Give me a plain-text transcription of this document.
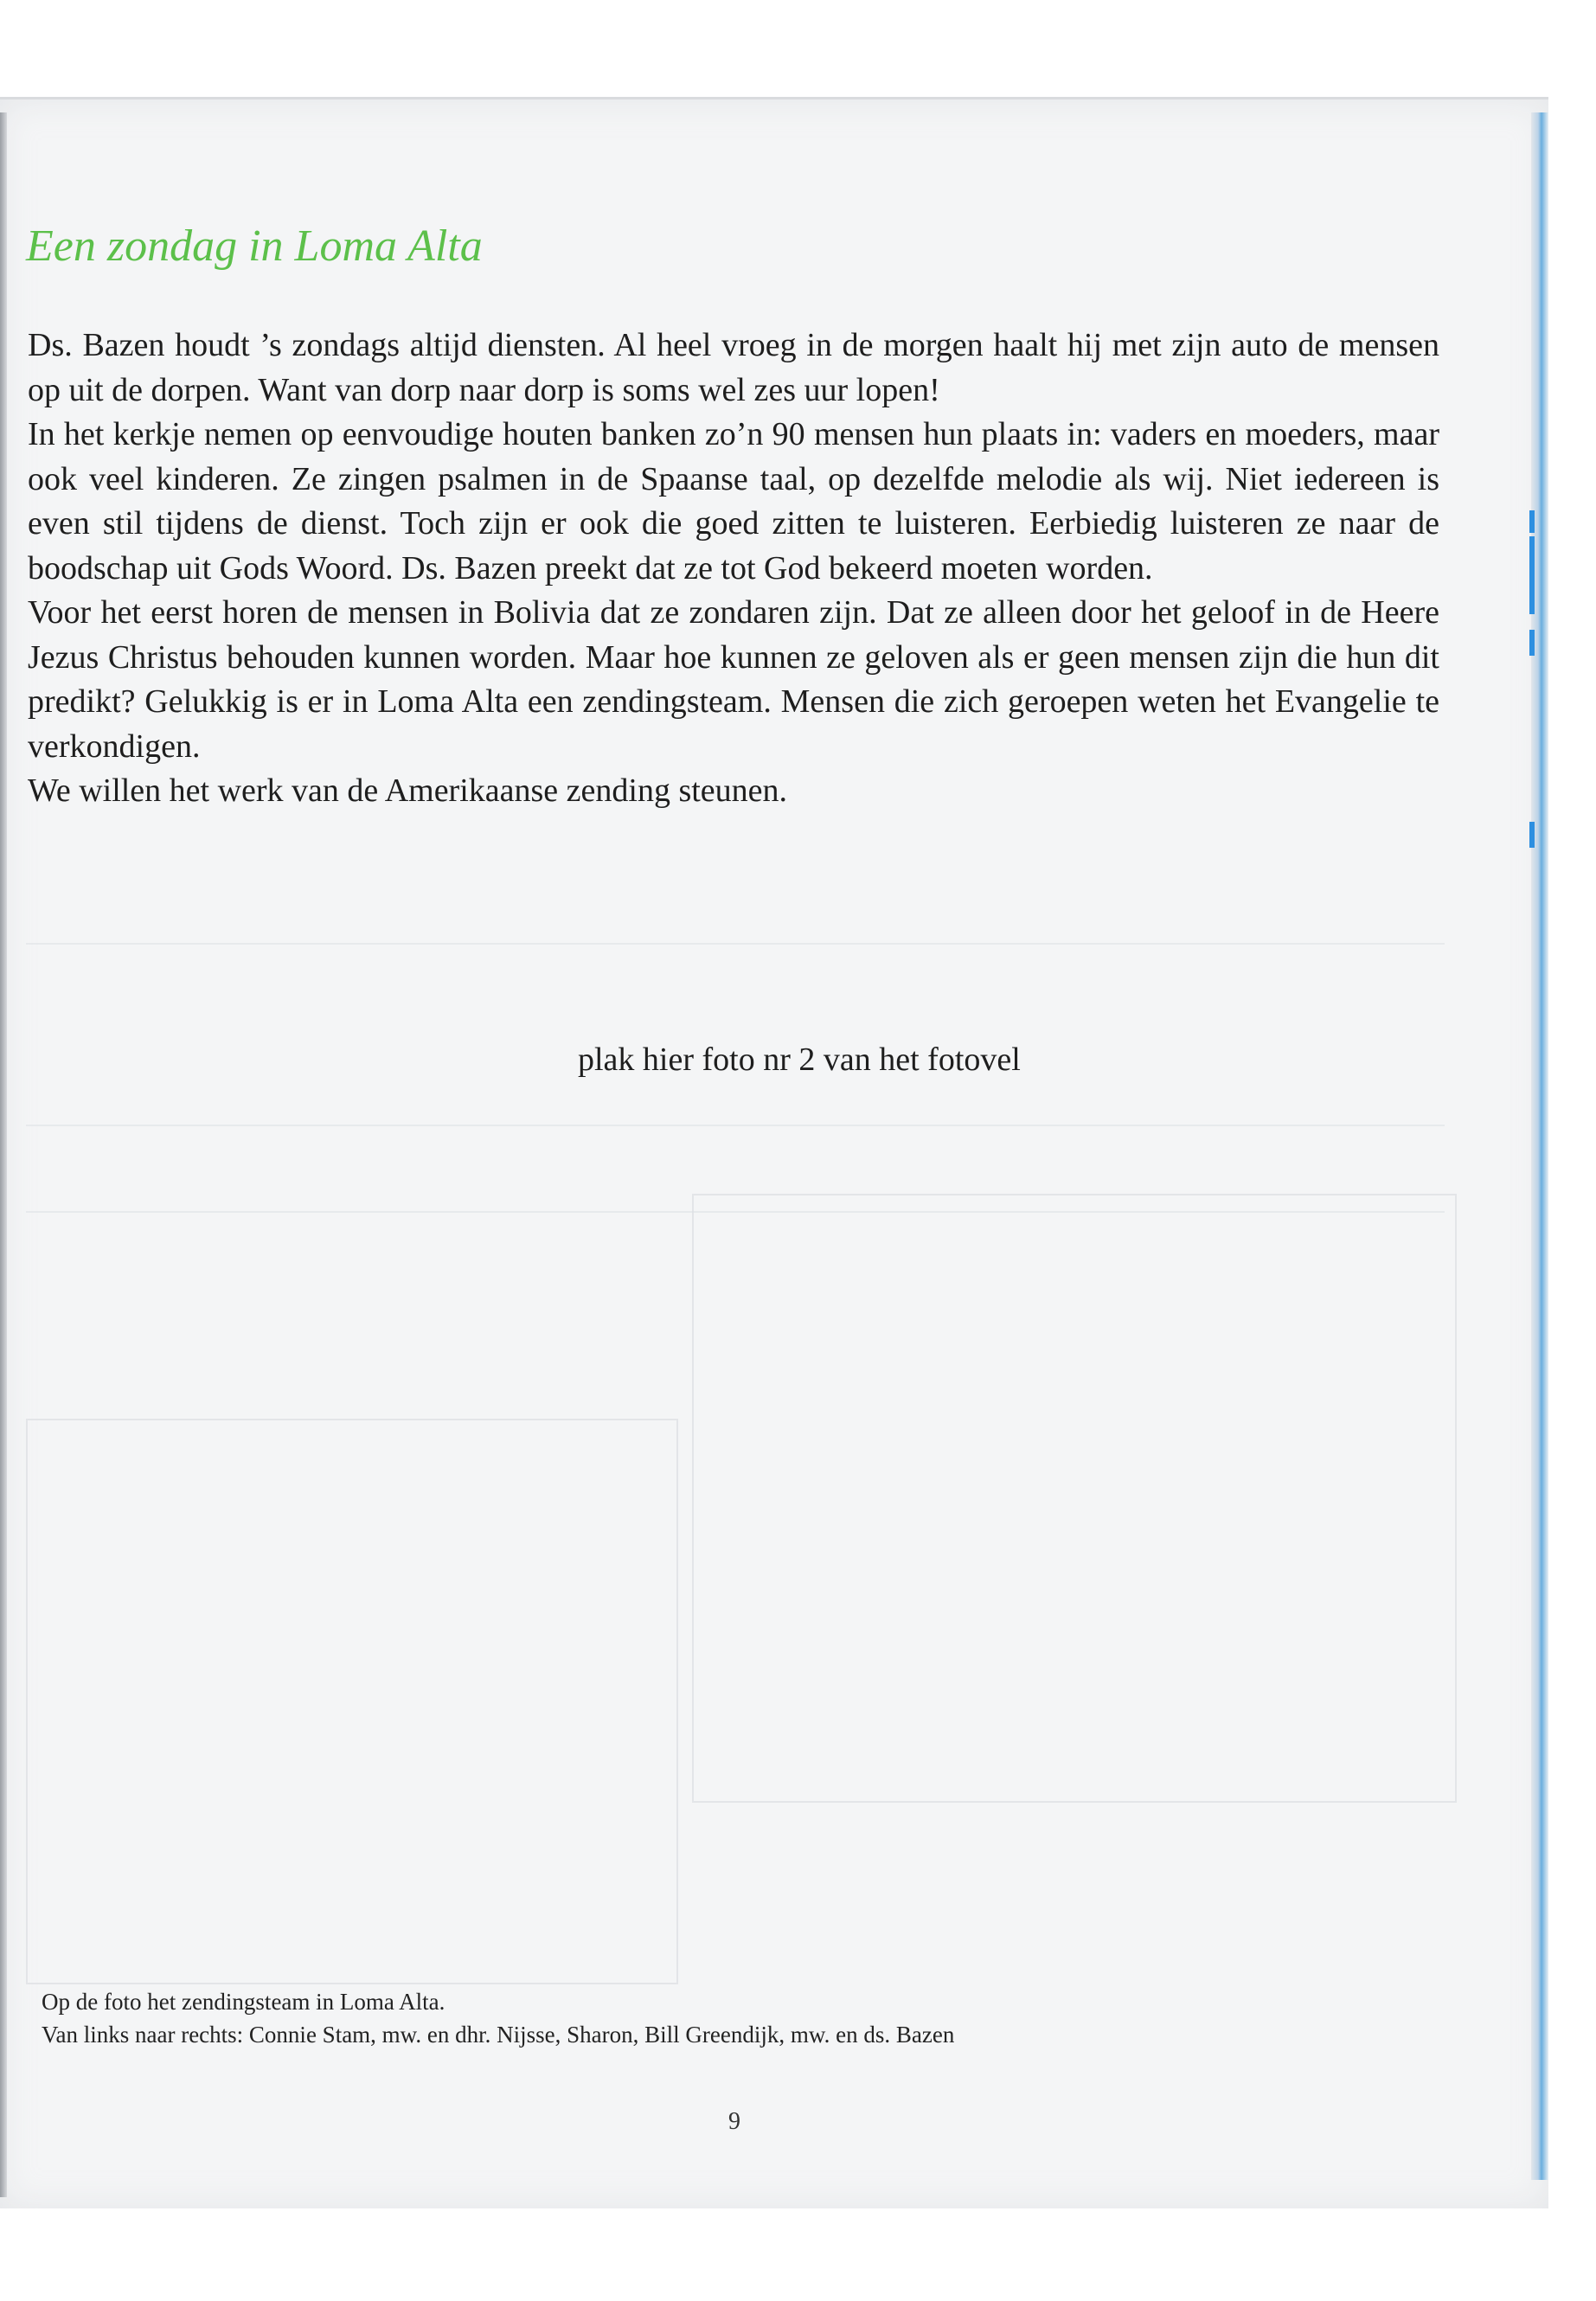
Een zondag in Loma Alta

Ds. Bazen houdt ’s zondags altijd diensten. Al heel vroeg in de morgen haalt hij met zijn auto de mensen op uit de dorpen. Want van dorp naar dorp is soms wel zes uur lopen!

In het kerkje nemen op eenvoudige houten banken zo’n 90 mensen hun plaats in: vaders en moeders, maar ook veel kinderen. Ze zingen psalmen in de Spaanse taal, op dezelfde melodie als wij. Niet iedereen is even stil tijdens de dienst. Toch zijn er ook die goed zitten te luisteren. Eerbiedig luisteren ze naar de boodschap uit Gods Woord. Ds. Bazen preekt dat ze tot God bekeerd moeten worden.

Voor het eerst horen de mensen in Bolivia dat ze zondaren zijn. Dat ze alleen door het geloof in de Heere Jezus Christus behouden kunnen worden. Maar hoe kunnen ze geloven als er geen mensen zijn die hun dit predikt? Gelukkig is er in Loma Alta een zendingsteam. Mensen die zich geroepen weten het Evangelie te verkondigen.

We willen het werk van de Amerikaanse zending steunen.

plak hier foto nr 2 van het fotovel
Op de foto het zendingsteam in Loma Alta.
Van links naar rechts: Connie Stam, mw. en dhr. Nijsse, Sharon, Bill Greendijk, mw. en ds. Bazen
9
